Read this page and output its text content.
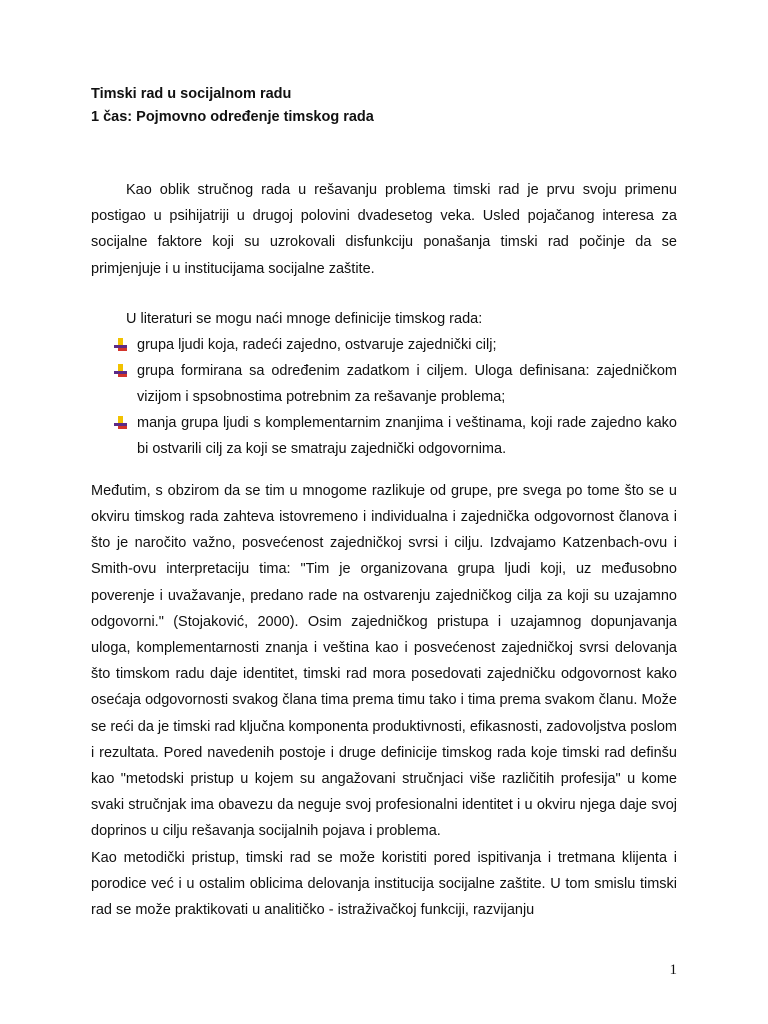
Timski rad u socijalnom radu
1 čas: Pojmovno određenje timskog rada

Kao oblik stručnog rada u rešavanju problema timski rad je prvu svoju primenu postigao u psihijatriji u drugoj polovini dvadesetog veka. Usled pojačanog interesa za socijalne faktore koji su uzrokovali disfunkciju ponašanja timski rad počinje da se primjenjuje i u institucijama socijalne zaštite.

U literaturi se mogu naći mnoge definicije timskog rada:

grupa ljudi koja, radeći zajedno, ostvaruje zajednički cilj;
grupa formirana sa određenim zadatkom i ciljem. Uloga definisana: zajedničkom vizijom i spsobnostima potrebnim za rešavanje problema;
manja grupa ljudi s komplementarnim znanjima i veštinama, koji rade zajedno kako bi ostvarili cilj za koji se smatraju zajednički odgovornima.

Međutim, s obzirom da se tim u mnogome razlikuje od grupe, pre svega po tome što se u okviru timskog rada zahteva istovremeno i individualna i zajednička odgovornost članova i što je naročito važno, posvećenost zajedničkoj svrsi i cilju. Izdvajamo Katzenbach-ovu i Smith-ovu interpretaciju tima: "Tim je organizovana grupa ljudi koji, uz međusobno poverenje i uvažavanje, predano rade na ostvarenju zajedničkog cilja za koji su uzajamno odgovorni." (Stojaković, 2000). Osim zajedničkog pristupa i uzajamnog dopunjavanja uloga, komplementarnosti znanja i veština kao i posvećenost zajedničkoj svrsi delovanja što timskom radu daje identitet, timski rad mora posedovati zajedničku odgovornost kako osećaja odgovornosti svakog člana tima prema timu tako i tima prema svakom članu. Može se reći da je timski rad ključna komponenta produktivnosti, efikasnosti, zadovoljstva poslom i rezultata. Pored navedenih postoje i druge definicije timskog rada koje timski rad definšu kao "metodski pristup u kojem su angažovani stručnjaci više različitih profesija" u kome svaki stručnjak ima obavezu da neguje svoj profesionalni identitet i u okviru njega daje svoj doprinos u cilju rešavanja socijalnih pojava i problema.

Kao metodički pristup, timski rad se može koristiti pored ispitivanja i tretmana klijenta i porodice već i u ostalim oblicima delovanja institucija socijalne zaštite. U tom smislu timski rad se može praktikovati u analitičko - istraživačkoj funkciji, razvijanju

1
